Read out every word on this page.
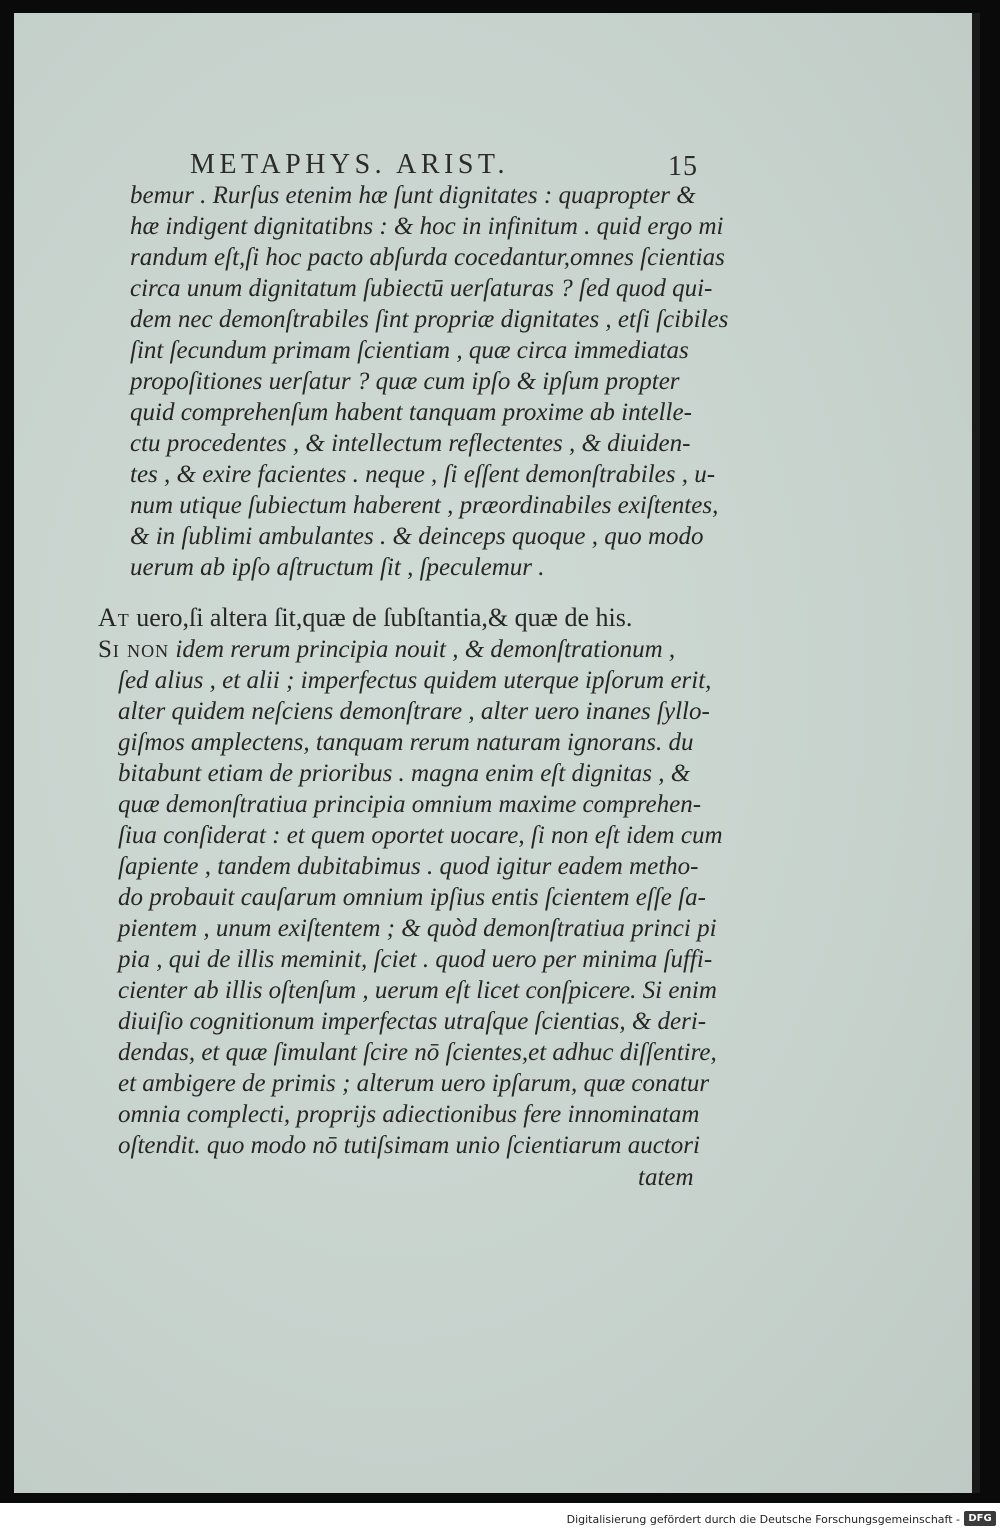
METAPHYS. ARIST.	15
bemur . Rurſus etenim hæ ſunt dignitates : quapropter &
hæ indigent dignitatibns : & hoc in infinitum . quid ergo mi
randum eſt,ſi hoc pacto abſurda cocedantur,omnes ſcientias
circa unum dignitatum ſubiectū uerſaturas ? ſed quod qui-
dem nec demonſtrabiles ſint propriæ dignitates , etſi ſcibiles
ſint ſecundum primam ſcientiam , quæ circa immediatas
propoſitiones uerſatur ? quæ cum ipſo & ipſum propter
quid comprehenſum habent tanquam proxime ab intelle-
ctu procedentes , & intellectum reflectentes , & diuiden-
tes , & exire facientes . neque , ſi eſſent demonſtrabiles , u-
num utique ſubiectum haberent , præordinabiles exiſtentes,
& in ſublimi ambulantes . & deinceps quoque , quo modo
uerum ab ipſo aſtructum ſit , ſpeculemur .
At uero,ſi altera ſit,quæ de ſubſtantia,& quæ de his.
Si non idem rerum principia nouit , & demonſtrationum ,
ſed alius , et alii ; imperfectus quidem uterque ipſorum erit,
alter quidem neſciens demonſtrare , alter uero inanes ſyllo-
giſmos amplectens, tanquam rerum naturam ignorans. du
bitabunt etiam de prioribus . magna enim eſt dignitas , &
quæ demonſtratiua principia omnium maxime comprehen-
ſiua conſiderat : et quem oportet uocare, ſi non eſt idem cum
ſapiente , tandem dubitabimus . quod igitur eadem metho-
do probauit cauſarum omnium ipſius entis ſcientem eſſe ſa-
pientem , unum exiſtentem ; & quòd demonſtratiua princi pi
pia , qui de illis meminit, ſciet . quod uero per minima ſuffi-
cienter ab illis oſtenſum , uerum eſt licet conſpicere. Si enim
diuiſio cognitionum imperfectas utraſque ſcientias, & deri-
dendas, et quæ ſimulant ſcire nō ſcientes,et adhuc diſſentire,
et ambigere de primis ; alterum uero ipſarum, quæ conatur
omnia complecti, proprijs adiectionibus fere innominatam
oſtendit. quo modo nō tutiſsimam unio ſcientiarum auctori
tatem
Digitalisierung gefördert durch die Deutsche Forschungsgemeinschaft - DFG
